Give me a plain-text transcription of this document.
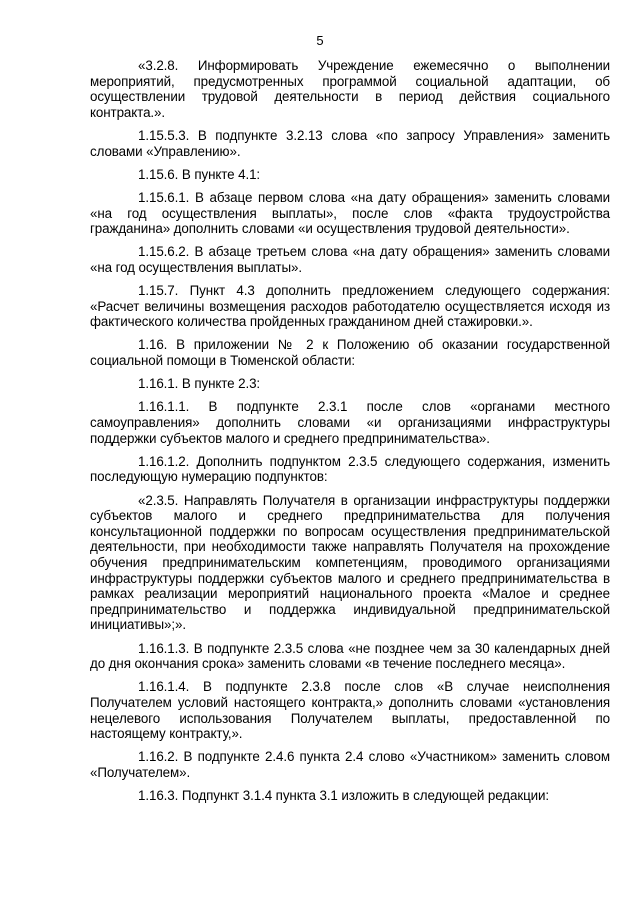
5

«3.2.8. Информировать Учреждение ежемесячно о выполнении мероприятий, предусмотренных программой социальной адаптации, об осуществлении трудовой деятельности в период действия социального контракта.».

1.15.5.3. В подпункте 3.2.13 слова «по запросу Управления» заменить словами «Управлению».

1.15.6. В пункте 4.1:

1.15.6.1. В абзаце первом слова «на дату обращения» заменить словами «на год осуществления выплаты», после слов «факта трудоустройства гражданина» дополнить словами «и осуществления трудовой деятельности».

1.15.6.2. В абзаце третьем слова «на дату обращения» заменить словами «на год осуществления выплаты».

1.15.7. Пункт 4.3 дополнить предложением следующего содержания: «Расчет величины возмещения расходов работодателю осуществляется исходя из фактического количества пройденных гражданином дней стажировки.».

1.16. В приложении № 2 к Положению об оказании государственной социальной помощи в Тюменской области:

1.16.1. В пункте 2.3:

1.16.1.1. В подпункте 2.3.1 после слов «органами местного самоуправления» дополнить словами «и организациями инфраструктуры поддержки субъектов малого и среднего предпринимательства».

1.16.1.2. Дополнить подпунктом 2.3.5 следующего содержания, изменить последующую нумерацию подпунктов:

«2.3.5. Направлять Получателя в организации инфраструктуры поддержки субъектов малого и среднего предпринимательства для получения консультационной поддержки по вопросам осуществления предпринимательской деятельности, при необходимости также направлять Получателя на прохождение обучения предпринимательским компетенциям, проводимого организациями инфраструктуры поддержки субъектов малого и среднего предпринимательства в рамках реализации мероприятий национального проекта «Малое и среднее предпринимательство и поддержка индивидуальной предпринимательской инициативы»;».

1.16.1.3. В подпункте 2.3.5 слова «не позднее чем за 30 календарных дней до дня окончания срока» заменить словами «в течение последнего месяца».

1.16.1.4. В подпункте 2.3.8 после слов «В случае неисполнения Получателем условий настоящего контракта,» дополнить словами «установления нецелевого использования Получателем выплаты, предоставленной по настоящему контракту,».

1.16.2. В подпункте 2.4.6 пункта 2.4 слово «Участником» заменить словом «Получателем».

1.16.3. Подпункт 3.1.4 пункта 3.1 изложить в следующей редакции:
